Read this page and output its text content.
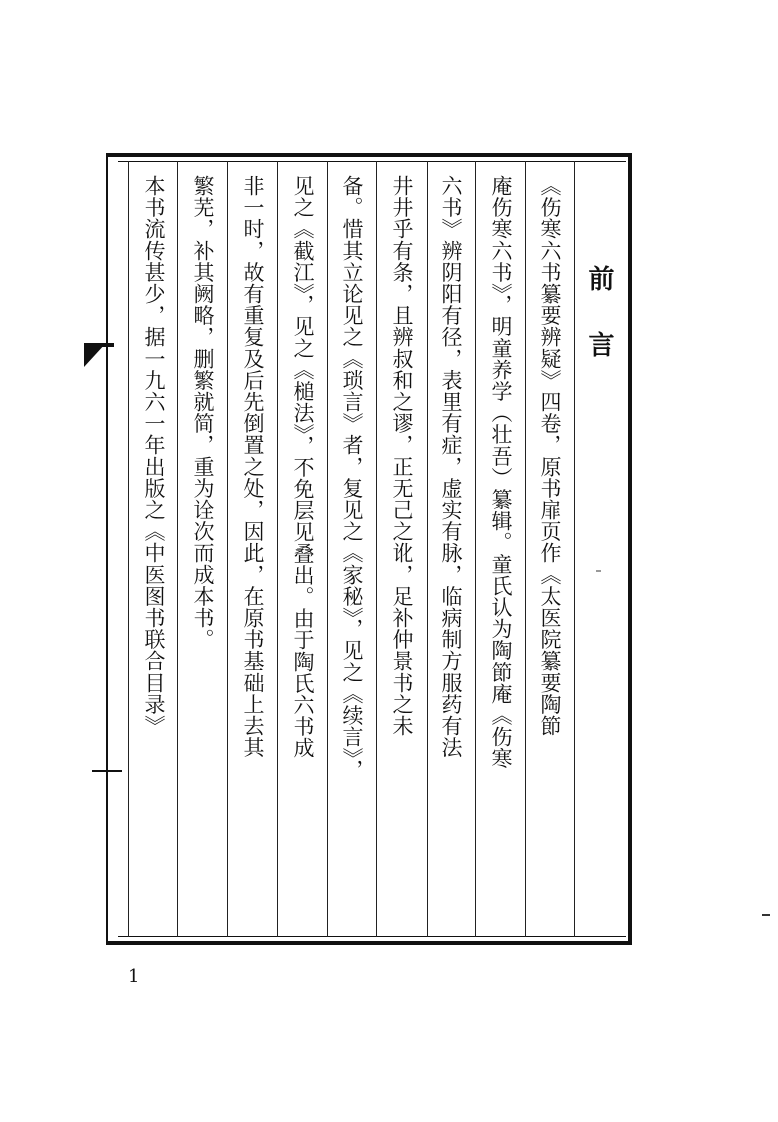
前言
《伤寒六书纂要辨疑》四卷，原书扉页作《太医院纂要陶節
庵伤寒六书》，明童养学（壮吾）纂辑。童氏认为陶節庵《伤寒
六书》辨阴阳有径，表里有症，虚实有脉，临病制方服药有法
井井乎有条，且辨叔和之谬，正无己之讹，足补仲景书之未
备。惜其立论见之《琐言》者，复见之《家秘》，见之《续言》，
见之《截江》，见之《槌法》，不免层见叠出。由于陶氏六书成
非一时，故有重复及后先倒置之处，因此，在原书基础上去其
繁芜，补其阙略，删繁就简，重为诠次而成本书。
本书流传甚少，据一九六一年出版之《中医图书联合目录》
1
